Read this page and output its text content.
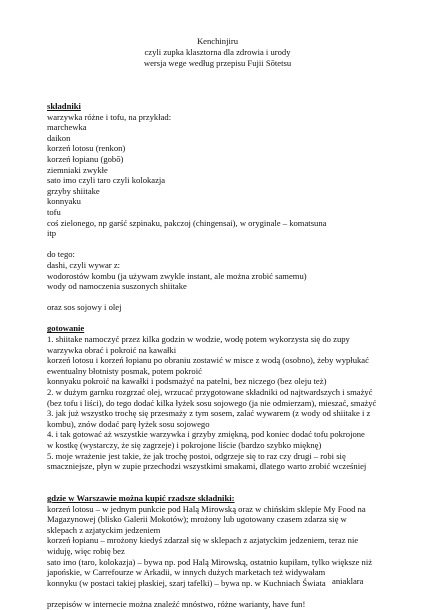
Kenchinjiru
czyli zupka klasztorna dla zdrowia i urody
wersja wege według przepisu Fujii Sōtetsu
składniki
warzywka różne i tofu, na przykład:
marchewka
daikon
korzeń lotosu (renkon)
korzeń łopianu (gobō)
ziemniaki zwykłe
sato imo czyli taro czyli kolokazja
grzyby shiitake
konnyaku
tofu
coś zielonego, np garść szpinaku, pakczoj (chingensai), w oryginale – komatsuna
itp
do tego:
dashi, czyli wywar z:
wodorostów kombu (ja używam zwykle instant, ale można zrobić samemu)
wody od namoczenia suszonych shiitake
oraz sos sojowy i olej
gotowanie
1. shiitake namoczyć przez kilka godzin w wodzie, wodę potem wykorzysta się do zupy
warzywka obrać i pokroić na kawałki
korzeń lotosu i korzeń łopianu po obraniu zostawić w misce z wodą (osobno), żeby wypłukać
ewentualny błotnisty posmak, potem pokroić
konnyaku pokroić na kawałki i podsmażyć na patelni, bez niczego (bez oleju też)
2. w dużym garnku rozgrzać olej, wrzucać przygotowane składniki od najtwardszych i smażyć
(bez tofu i liści), do tego dodać kilka łyżek sosu sojowego (ja nie odmierzam), mieszać, smażyć
3. jak już wszystko trochę się przesmaży z tym sosem, zalać wywarem (z wody od shiitake i z
kombu), znów dodać parę łyżek sosu sojowego
4. i tak gotować aż wszystkie warzywka i grzyby zmiękną, pod koniec dodać tofu pokrojone
w kostkę (wystarczy, że się zagrzeje) i pokrojone liście (bardzo szybko mięknę)
5. moje wrażenie jest takie, że jak trochę postoi, odgrzeje się to raz czy drugi – robi się
smaczniejsze, płyn w zupie przechodzi wszystkimi smakami, dlatego warto zrobić wcześniej
gdzie w Warszawie można kupić rzadsze składniki:
korzeń lotosu – w jednym punkcie pod Halą Mirowską oraz w chińskim sklepie My Food na
Magazynowej (blisko Galerii Mokotów); mrożony lub ugotowany czasem zdarza się w
sklepach z azjatyckim jedzeniem
korzeń łopianu – mrożony kiedyś zdarzał się w sklepach z azjatyckim jedzeniem, teraz nie
widuję, więc robię bez
sato imo (taro, kolokazja) – bywa np. pod Halą Mirowską, ostatnio kupiłam, tylko większe niż
japońskie, w Carrefourze w Arkadii, w innych dużych marketach też widywałam
konnyku (w postaci takiej płaskiej, szarj tafelki) – bywa np. w Kuchniach Świata
przepisów w internecie można znaleźć mnóstwo, różne warianty, have fun!
aniaklara
